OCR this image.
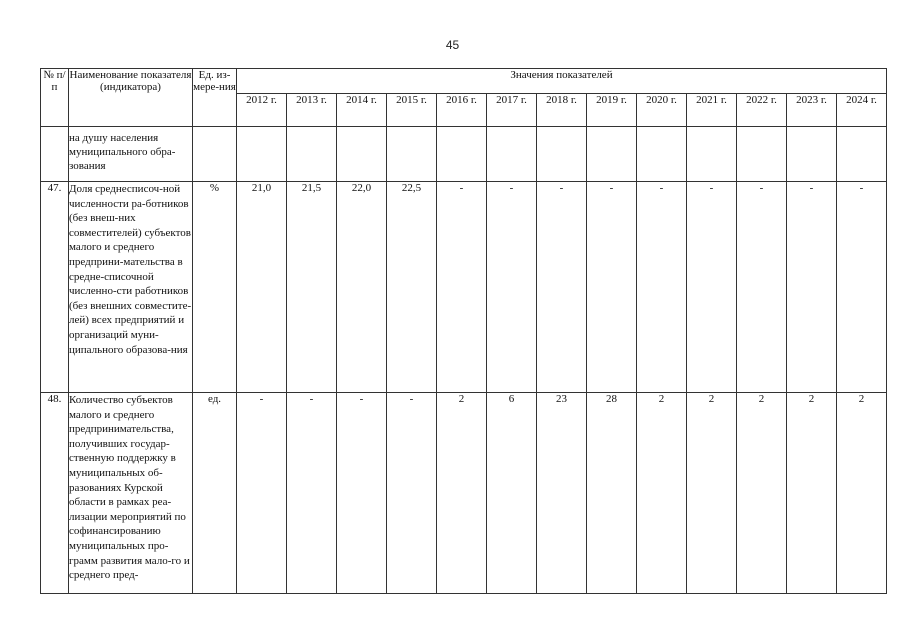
45
№ п/п	Наименование показателя (индикатора)	Ед. из-мере-ния	Значения показателей												
			2012 г.	2013 г.	2014 г.	2015 г.	2016 г.	2017 г.	2018 г.	2019 г.	2020 г.	2021 г.	2022 г.	2023 г.	2024 г.
	на душу населения муниципального обра-зования														
47.	Доля среднесписоч-ной численности ра-ботников (без внеш-них совместителей) субъектов малого и среднего предприни-мательства в средне-списочной численно-сти работников (без внешних совместите-лей) всех предприятий и организаций муни-ципального образова-ния	%	21,0	21,5	22,0	22,5	-	-	-	-	-	-	-	-	-
48.	Количество субъектов малого и среднего предпринимательства, получивших государ-ственную поддержку в муниципальных об-разованиях Курской области в рамках реа-лизации мероприятий по софинансированию муниципальных про-грамм развития мало-го и среднего пред-	ед.	-	-	-	-	2	6	23	28	2	2	2	2	2
